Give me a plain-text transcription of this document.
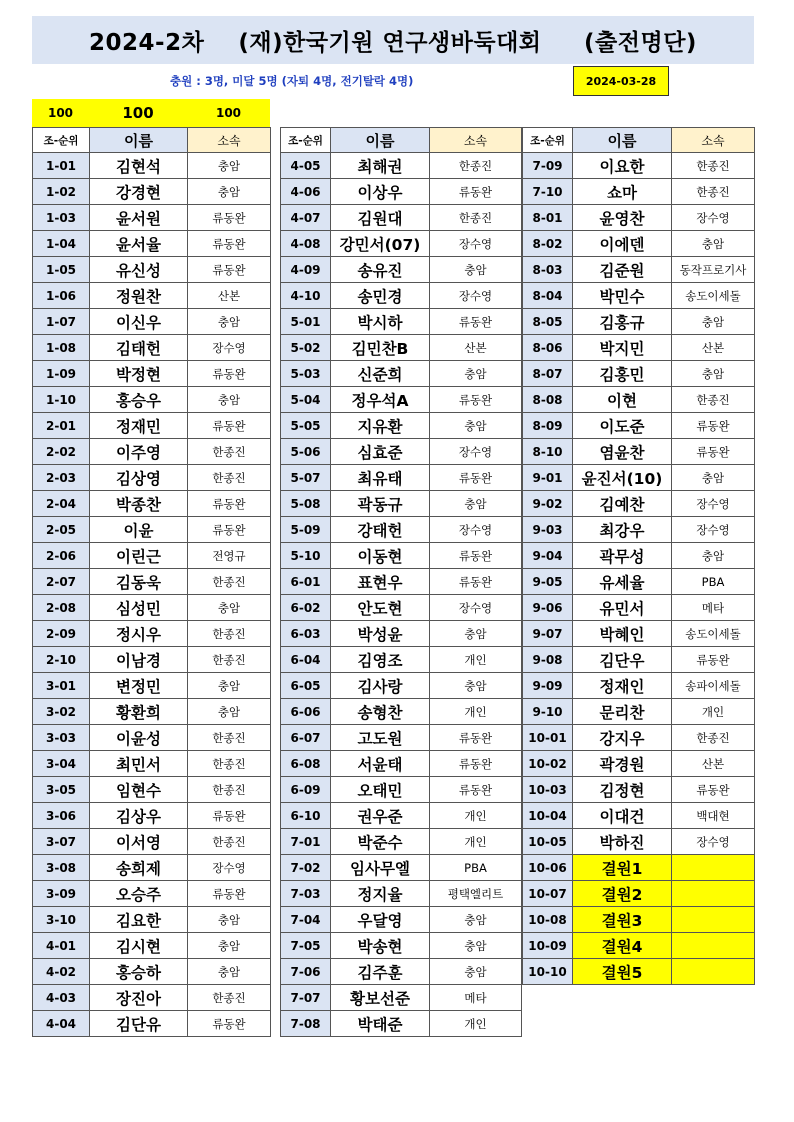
2024-2차    (재)한국기원 연구생바둑대회     (출전명단)
충원 : 3명, 미달 5명 (자퇴 4명, 전기탈락 4명)	2024-03-28
100	100	100
조-순위	이름	소속
1-01	김현석	충암
1-02	강경현	충암
1-03	윤서원	류동완
1-04	윤서율	류동완
1-05	유신성	류동완
1-06	정원찬	산본
1-07	이신우	충암
1-08	김태헌	장수영
1-09	박정현	류동완
1-10	홍승우	충암
2-01	정재민	류동완
2-02	이주영	한종진
2-03	김상영	한종진
2-04	박종찬	류동완
2-05	이윤	류동완
2-06	이린근	전영규
2-07	김동욱	한종진
2-08	심성민	충암
2-09	정시우	한종진
2-10	이남경	한종진
3-01	변정민	충암
3-02	황환희	충암
3-03	이윤성	한종진
3-04	최민서	한종진
3-05	임현수	한종진
3-06	김상우	류동완
3-07	이서영	한종진
3-08	송희제	장수영
3-09	오승주	류동완
3-10	김요한	충암
4-01	김시현	충암
4-02	홍승하	충암
4-03	장진아	한종진
4-04	김단유	류동완
조-순위	이름	소속
4-05	최해권	한종진
4-06	이상우	류동완
4-07	김원대	한종진
4-08	강민서(07)	장수영
4-09	송유진	충암
4-10	송민경	장수영
5-01	박시하	류동완
5-02	김민찬B	산본
5-03	신준희	충암
5-04	정우석A	류동완
5-05	지유환	충암
5-06	심효준	장수영
5-07	최유태	류동완
5-08	곽동규	충암
5-09	강태헌	장수영
5-10	이동현	류동완
6-01	표현우	류동완
6-02	안도현	장수영
6-03	박성윤	충암
6-04	김영조	개인
6-05	김사랑	충암
6-06	송형찬	개인
6-07	고도원	류동완
6-08	서윤태	류동완
6-09	오태민	류동완
6-10	권우준	개인
7-01	박준수	개인
7-02	임사무엘	PBA
7-03	정지율	평택엘리트
7-04	우달영	충암
7-05	박송현	충암
7-06	김주훈	충암
7-07	황보선준	메타
7-08	박태준	개인
조-순위	이름	소속
7-09	이요한	한종진
7-10	쇼마	한종진
8-01	윤영찬	장수영
8-02	이에덴	충암
8-03	김준원	동작프로기사
8-04	박민수	송도이세돌
8-05	김홍규	충암
8-06	박지민	산본
8-07	김홍민	충암
8-08	이현	한종진
8-09	이도준	류동완
8-10	염윤찬	류동완
9-01	윤진서(10)	충암
9-02	김예찬	장수영
9-03	최강우	장수영
9-04	곽무성	충암
9-05	유세율	PBA
9-06	유민서	메타
9-07	박혜인	송도이세돌
9-08	김단우	류동완
9-09	정재인	송파이세돌
9-10	문리찬	개인
10-01	강지우	한종진
10-02	곽경원	산본
10-03	김정현	류동완
10-04	이대건	백대현
10-05	박하진	장수영
10-06	결원1	
10-07	결원2	
10-08	결원3	
10-09	결원4	
10-10	결원5	
